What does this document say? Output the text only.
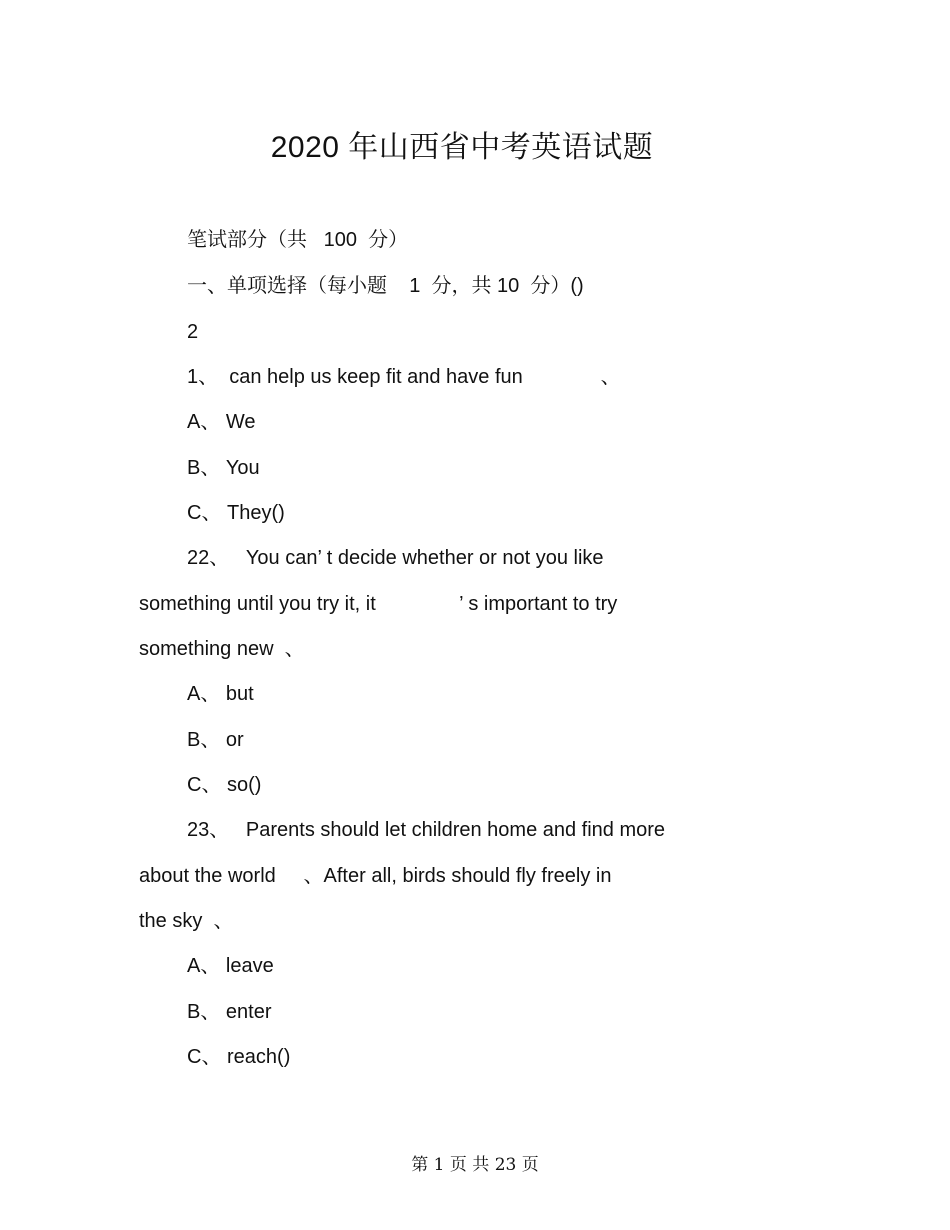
2020 年山西省中考英语试题
笔试部分（共   100  分）
一、单项选择（每小题    1  分，共 10  分）()
2
1、  can help us keep fit and have fun              、
A、 We
B、 You
C、 They()
22、   You can’ t decide whether or not you like
something until you try it, it               ’ s important to try
something new  、
A、 but
B、 or
C、 so()
23、   Parents should let children home and find more
about the world     、After all, birds should fly freely in
the sky  、
A、 leave
B、 enter
C、 reach()
第 1 页 共 23 页
